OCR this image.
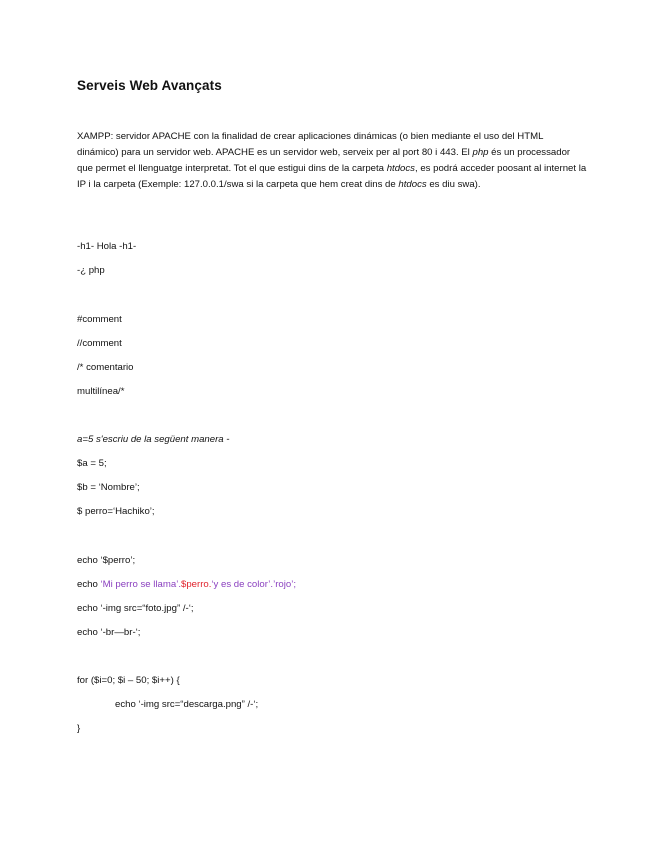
Serveis Web Avançats

XAMPP: servidor APACHE con la finalidad de crear aplicaciones dinámicas (o bien mediante el uso del HTML dinámico) para un servidor web. APACHE es un servidor web, serveix per al port 80 i 443. El php és un processador que permet el llenguatge interpretat. Tot el que estigui dins de la carpeta htdocs, es podrá acceder poosant al internet la IP i la carpeta (Exemple: 127.0.0.1/swa si la carpeta que hem creat dins de htdocs es diu swa).

-h1- Hola -h1-

-¿ php

#comment

//comment

/* comentario

multilínea/*

a=5 s'escriu de la següent manera -

$a = 5;

$b = ‘Nombre’;

$ perro=‘Hachiko’;

echo ‘$perro’;

echo ‘Mi perro se llama’.$perro.‘y es de color’.’rojo’;

echo ‘-img src=“foto.jpg” /-‘;

echo ‘-br—br-‘;

for ($i=0; $i – 50; $i++) {

echo ‘-img src=“descarga.png” /-‘;

}
